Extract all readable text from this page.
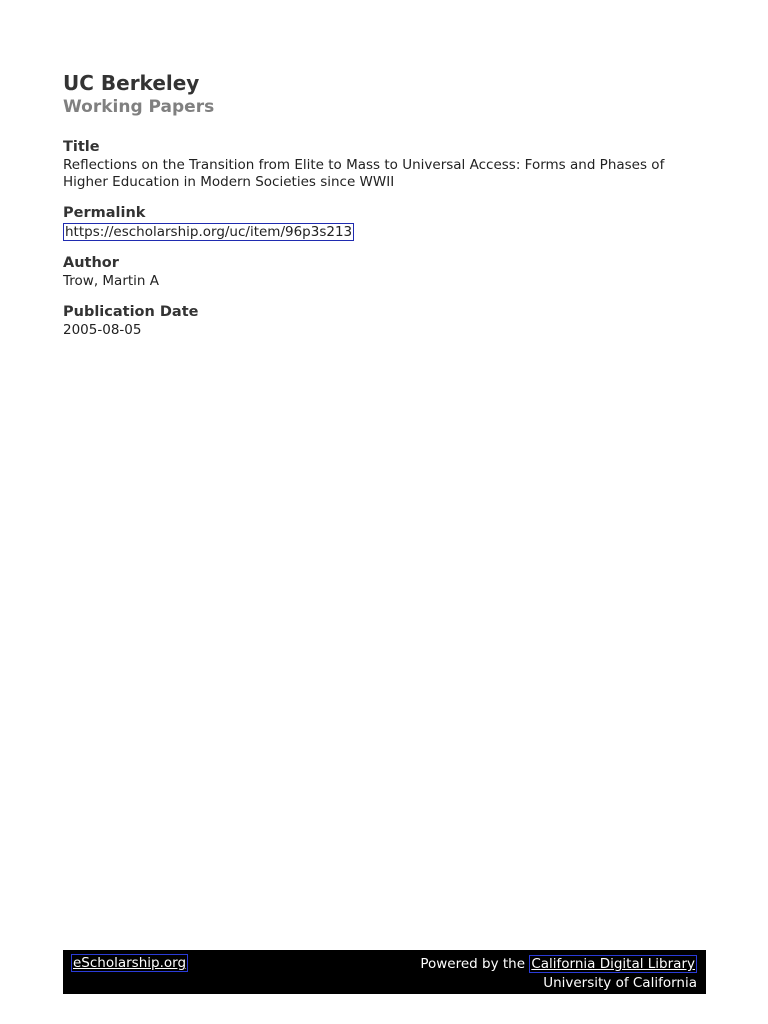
UC Berkeley
Working Papers
Title
Reflections on the Transition from Elite to Mass to Universal Access: Forms and Phases of Higher Education in Modern Societies since WWII
Permalink
https://escholarship.org/uc/item/96p3s213
Author
Trow, Martin A
Publication Date
2005-08-05
eScholarship.org	Powered by the California Digital Library
University of California
